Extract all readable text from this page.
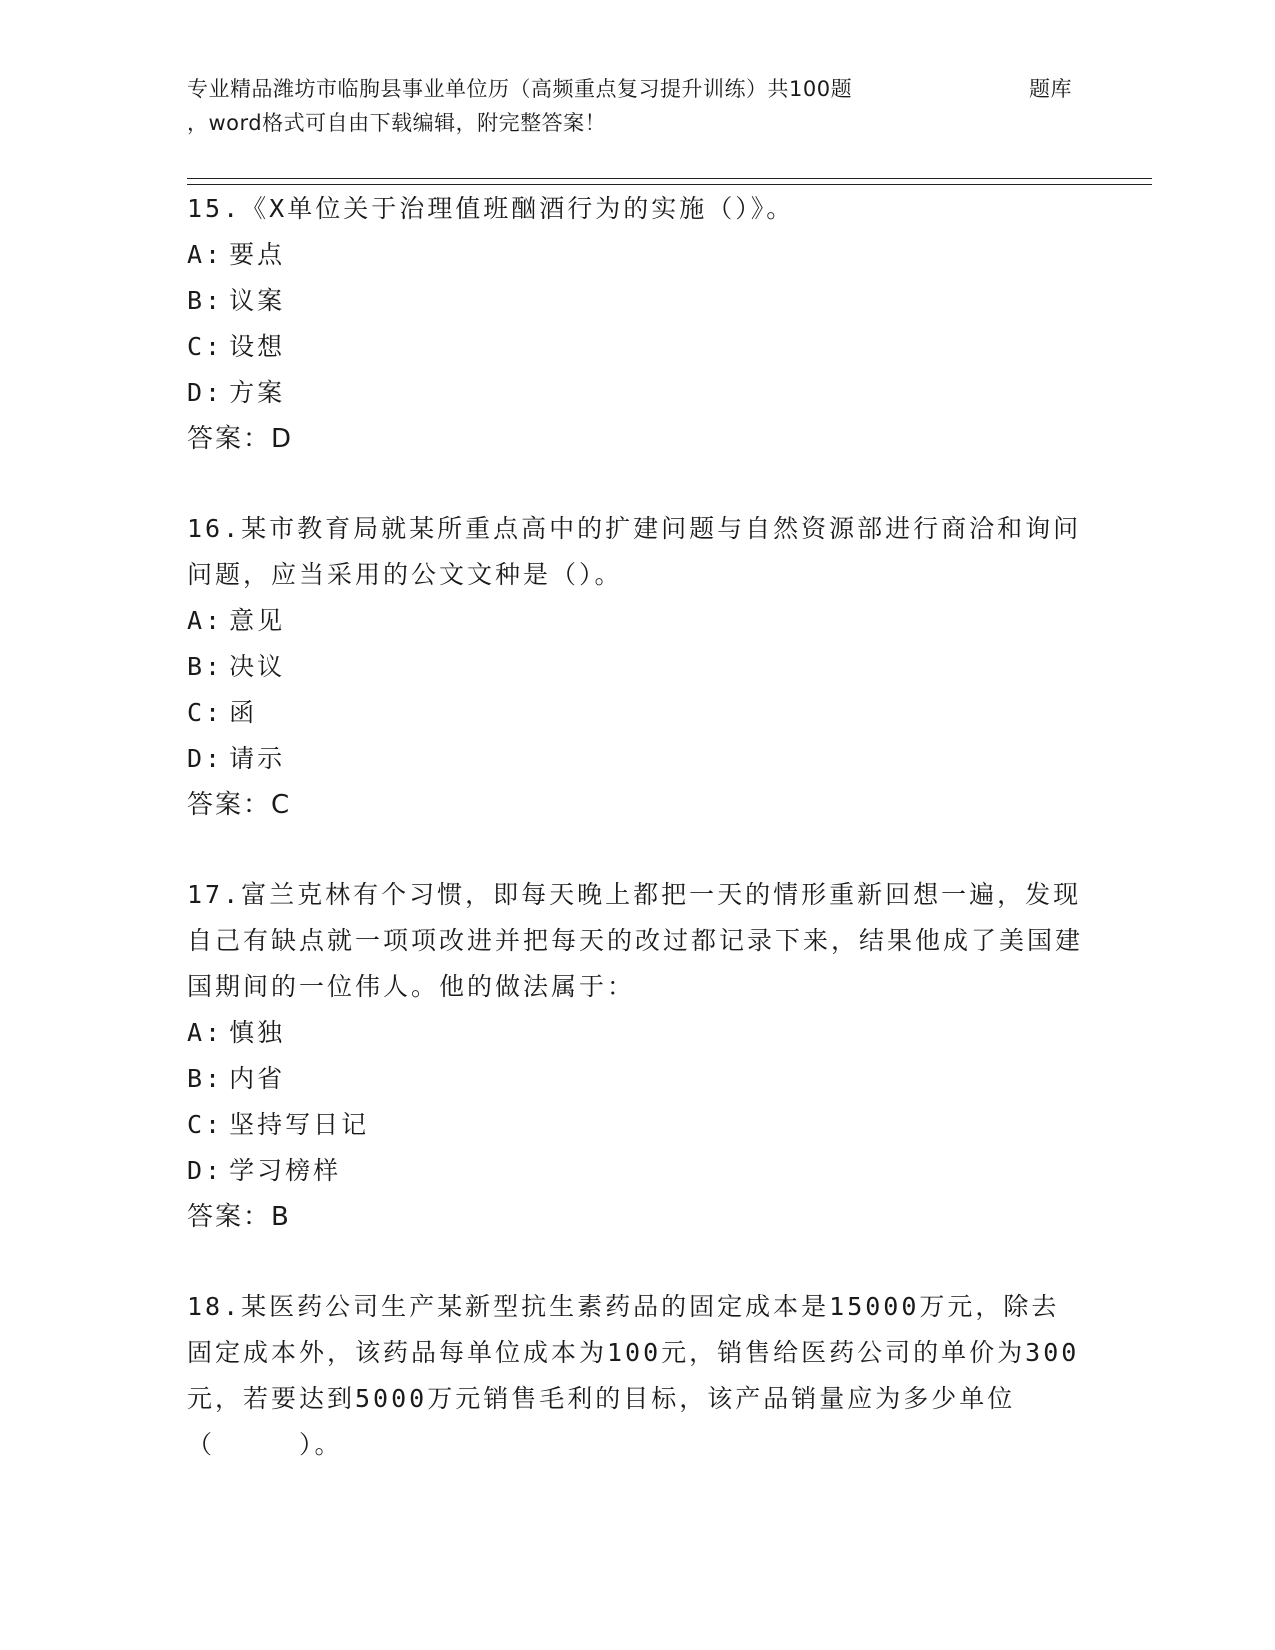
专业精品潍坊市临朐县事业单位历（高频重点复习提升训练）共100题	题库
，word格式可自由下载编辑，附完整答案！

15.《X单位关于治理值班酗酒行为的实施（）》。

A: 要点

B: 议案

C: 设想

D: 方案

答案：D

16.某市教育局就某所重点高中的扩建问题与自然资源部进行商洽和询问问题，应当采用的公文文种是（）。

A: 意见

B: 决议

C: 函

D: 请示

答案：C

17.富兰克林有个习惯，即每天晚上都把一天的情形重新回想一遍，发现自己有缺点就一项项改进并把每天的改过都记录下来，结果他成了美国建国期间的一位伟人。他的做法属于：

A: 慎独

B: 内省

C: 坚持写日记

D: 学习榜样

答案：B

18.某医药公司生产某新型抗生素药品的固定成本是15000万元，除去固定成本外，该药品每单位成本为100元，销售给医药公司的单价为300元，若要达到5000万元销售毛利的目标，该产品销量应为多少单位（　　　）。
